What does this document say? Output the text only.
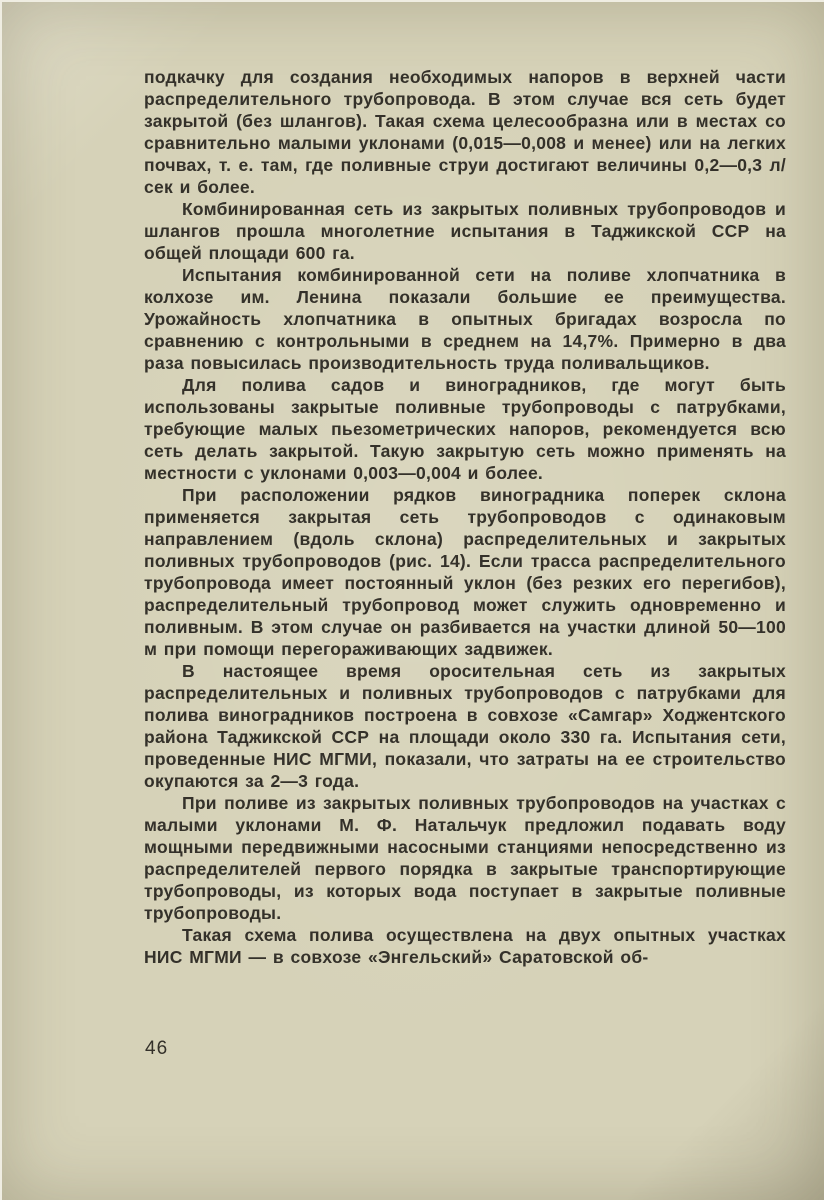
подкачку для создания необходимых напоров в верхней части распределительного трубопровода. В этом случае вся сеть будет закрытой (без шлангов). Такая схема целесообразна или в местах со сравнительно малыми уклонами (0,015—0,008 и менее) или на легких почвах, т. е. там, где поливные струи достигают величины 0,2—0,3 л/сек и более.

Комбинированная сеть из закрытых поливных трубопроводов и шлангов прошла многолетние испытания в Таджикской ССР на общей площади 600 га.

Испытания комбинированной сети на поливе хлопчатника в колхозе им. Ленина показали большие ее преимущества. Урожайность хлопчатника в опытных бригадах возросла по сравнению с контрольными в среднем на 14,7%. Примерно в два раза повысилась производительность труда поливальщиков.

Для полива садов и виноградников, где могут быть использованы закрытые поливные трубопроводы с патрубками, требующие малых пьезометрических напоров, рекомендуется всю сеть делать закрытой. Такую закрытую сеть можно применять на местности с уклонами 0,003—0,004 и более.

При расположении рядков виноградника поперек склона применяется закрытая сеть трубопроводов с одинаковым направлением (вдоль склона) распределительных и закрытых поливных трубопроводов (рис. 14). Если трасса распределительного трубопровода имеет постоянный уклон (без резких его перегибов), распределительный трубопровод может служить одновременно и поливным. В этом случае он разбивается на участки длиной 50—100 м при помощи перегораживающих задвижек.

В настоящее время оросительная сеть из закрытых распределительных и поливных трубопроводов с патрубками для полива виноградников построена в совхозе «Самгар» Ходжентского района Таджикской ССР на площади около 330 га. Испытания сети, проведенные НИС МГМИ, показали, что затраты на ее строительство окупаются за 2—3 года.

При поливе из закрытых поливных трубопроводов на участках с малыми уклонами М. Ф. Натальчук предложил подавать воду мощными передвижными насосными станциями непосредственно из распределителей первого порядка в закрытые транспортирующие трубопроводы, из которых вода поступает в закрытые поливные трубопроводы.

Такая схема полива осуществлена на двух опытных участках НИС МГМИ — в совхозе «Энгельский» Саратовской об-

46
